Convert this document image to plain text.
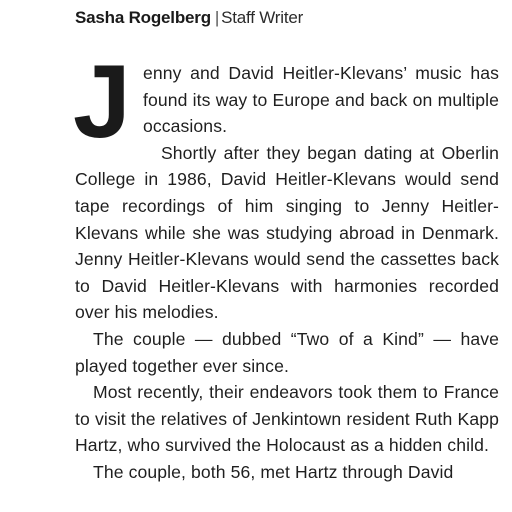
Sasha Rogelberg | Staff Writer

Jenny and David Heitler-Klevans’ music has found its way to Europe and back on multiple occasions.

Shortly after they began dating at Oberlin College in 1986, David Heitler-Klevans would send tape recordings of him singing to Jenny Heitler-Klevans while she was studying abroad in Denmark. Jenny Heitler-Klevans would send the cassettes back to David Heitler-Klevans with harmonies recorded over his melodies.

The couple — dubbed “Two of a Kind” — have played together ever since.

Most recently, their endeavors took them to France to visit the relatives of Jenkintown resident Ruth Kapp Hartz, who survived the Holocaust as a hidden child.

The couple, both 56, met Hartz through David
